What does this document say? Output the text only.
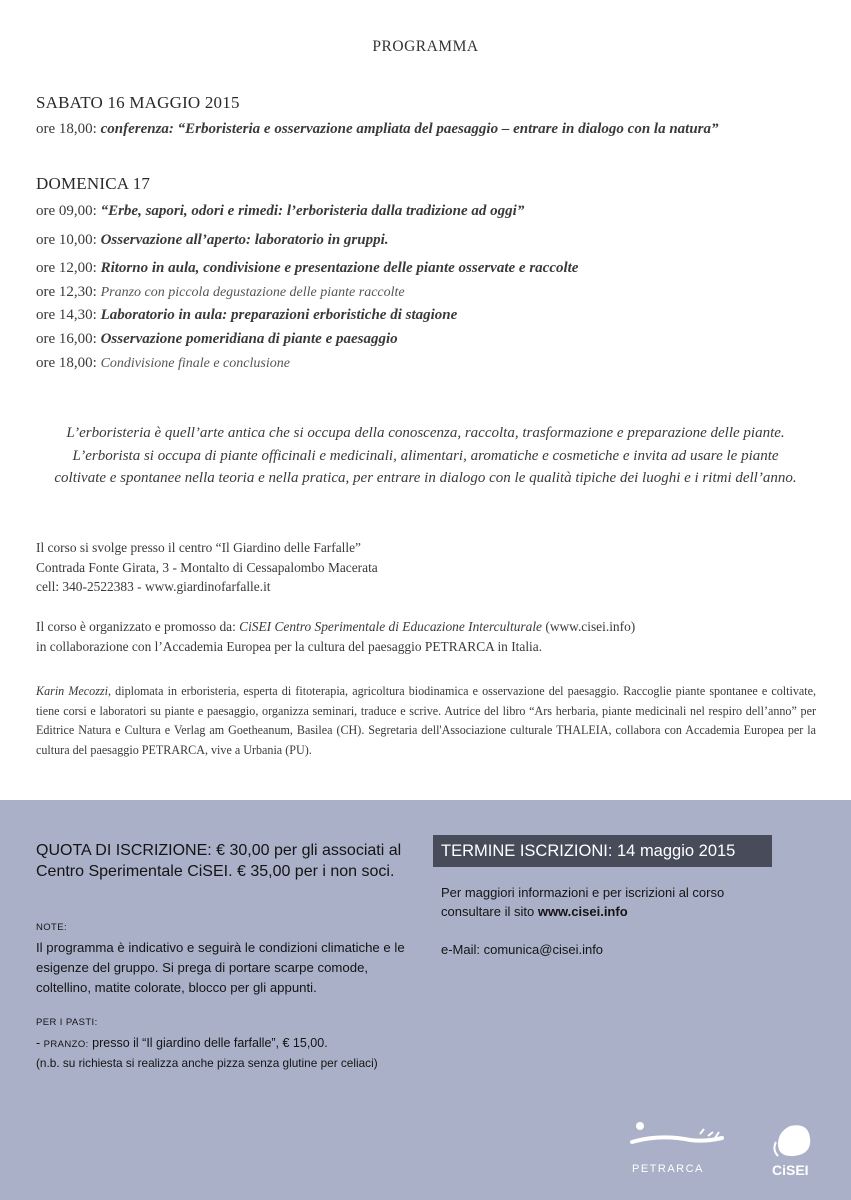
PROGRAMMA
SABATO 16 MAGGIO 2015
ore 18,00: conferenza: “Erboristeria e osservazione ampliata del paesaggio – entrare in dialogo con la natura”
DOMENICA 17
ore 09,00: “Erbe, sapori, odori e rimedi: l’erboristeria dalla tradizione ad oggi”
ore 10,00: Osservazione all’aperto: laboratorio in gruppi.
ore 12,00: Ritorno in aula, condivisione e presentazione delle piante osservate e raccolte
ore 12,30: Pranzo con piccola degustazione delle piante raccolte
ore 14,30: Laboratorio in aula: preparazioni erboristiche di stagione
ore 16,00: Osservazione pomeridiana di piante e paesaggio
ore 18,00: Condivisione finale e conclusione
L’erboristeria è quell’arte antica che si occupa della conoscenza, raccolta, trasformazione e preparazione delle piante.
L’erborista si occupa di piante officinali e medicinali, alimentari, aromatiche e cosmetiche e invita ad usare le piante
coltivate e spontanee nella teoria e nella pratica, per entrare in dialogo con le qualità tipiche dei luoghi e i ritmi dell’anno.
Il corso si svolge presso il centro “Il Giardino delle Farfalle”
Contrada Fonte Girata, 3 - Montalto di Cessapalombo Macerata
cell: 340-2522383 - www.giardinofarfalle.it
Il corso è organizzato e promosso da: CiSEI Centro Sperimentale di Educazione Interculturale (www.cisei.info)
in collaborazione con l’Accademia Europea per la cultura del paesaggio PETRARCA in Italia.
Karin Mecozzi, diplomata in erboristeria, esperta di fitoterapia, agricoltura biodinamica e osservazione del paesaggio. Raccoglie piante spontanee e coltivate, tiene corsi e laboratori su piante e paesaggio, organizza seminari, traduce e scrive. Autrice del libro “Ars herbaria, piante medicinali nel respiro dell’anno” per Editrice Natura e Cultura e Verlag am Goetheanum, Basilea (CH). Segretaria dell'Associazione culturale THALEIA, collabora con Accademia Europea per la cultura del paesaggio PETRARCA, vive a Urbania (PU).
QUOTA DI ISCRIZIONE: € 30,00 per gli associati al Centro Sperimentale CiSEI. € 35,00 per i non soci.
NOTE:
Il programma è indicativo e seguirà le condizioni climatiche e le esigenze del gruppo. Si prega di portare scarpe comode, coltellino, matite colorate, blocco per gli appunti.
PER I PASTI:
- PRANZO: presso il “Il giardino delle farfalle”, € 15,00.
(n.b. su richiesta si realizza anche pizza senza glutine per celiaci)
TERMINE ISCRIZIONI: 14 maggio 2015
Per maggiori informazioni e per iscrizioni al corso
consultare il sito www.cisei.info
e-Mail: comunica@cisei.info
PETRARCA	CiSEI
